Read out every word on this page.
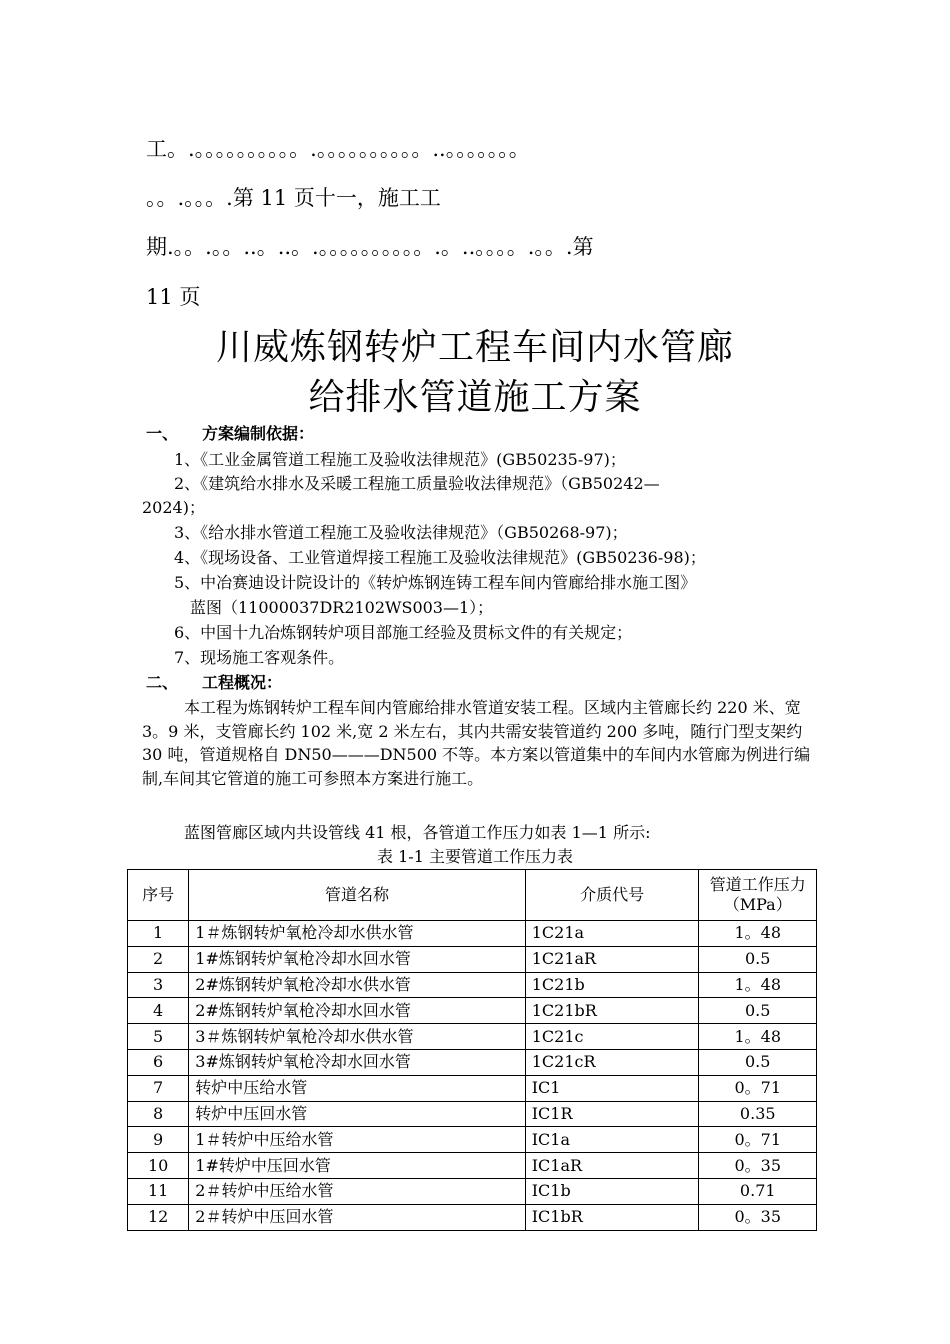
工。.。。。。。。。。。。.。。。。。。。。。。..。。。。。。。
。。.。。。.第 11 页十一，施工工
期.。。.。。..。..。.。。。。。。。。。。.。..。。。。.。。.第
11 页
川威炼钢转炉工程车间内水管廊
给排水管道施工方案
一、 方案编制依据：
1、《工业金属管道工程施工及验收法律规范》(GB50235-97)；
2、《建筑给水排水及采暖工程施工质量验收法律规范》（GB50242—
2024)；
3、《给水排水管道工程施工及验收法律规范》（GB50268-97)；
4、《现场设备、工业管道焊接工程施工及验收法律规范》(GB50236-98)；
5、中冶赛迪设计院设计的《转炉炼钢连铸工程车间内管廊给排水施工图》
蓝图（11000037DR2102WS003—1）；
6、中国十九冶炼钢转炉项目部施工经验及贯标文件的有关规定；
7、现场施工客观条件。
二、 工程概况：
本工程为炼钢转炉工程车间内管廊给排水管道安装工程。区域内主管廊长约 220 米、宽 3。9 米，支管廊长约 102 米,宽 2 米左右，其内共需安装管道约 200 多吨，随行门型支架约 30 吨，管道规格自 DN50———DN500 不等。本方案以管道集中的车间内水管廊为例进行编制,车间其它管道的施工可参照本方案进行施工。
蓝图管廊区域内共设管线 41 根，各管道工作压力如表 1—1 所示:
表 1-1 主要管道工作压力表
序号	管道名称	介质代号	管道工作压力（MPa）
1	1＃炼钢转炉氧枪冷却水供水管	1C21a	1。48
2	1#炼钢转炉氧枪冷却水回水管	1C21aR	0.5
3	2#炼钢转炉氧枪冷却水供水管	1C21b	1。48
4	2#炼钢转炉氧枪冷却水回水管	1C21bR	0.5
5	3＃炼钢转炉氧枪冷却水供水管	1C21c	1。48
6	3#炼钢转炉氧枪冷却水回水管	1C21cR	0.5
7	转炉中压给水管	IC1	0。71
8	转炉中压回水管	IC1R	0.35
9	1＃转炉中压给水管	IC1a	0。71
10	1#转炉中压回水管	IC1aR	0。35
11	2＃转炉中压给水管	IC1b	0.71
12	2＃转炉中压回水管	IC1bR	0。35
